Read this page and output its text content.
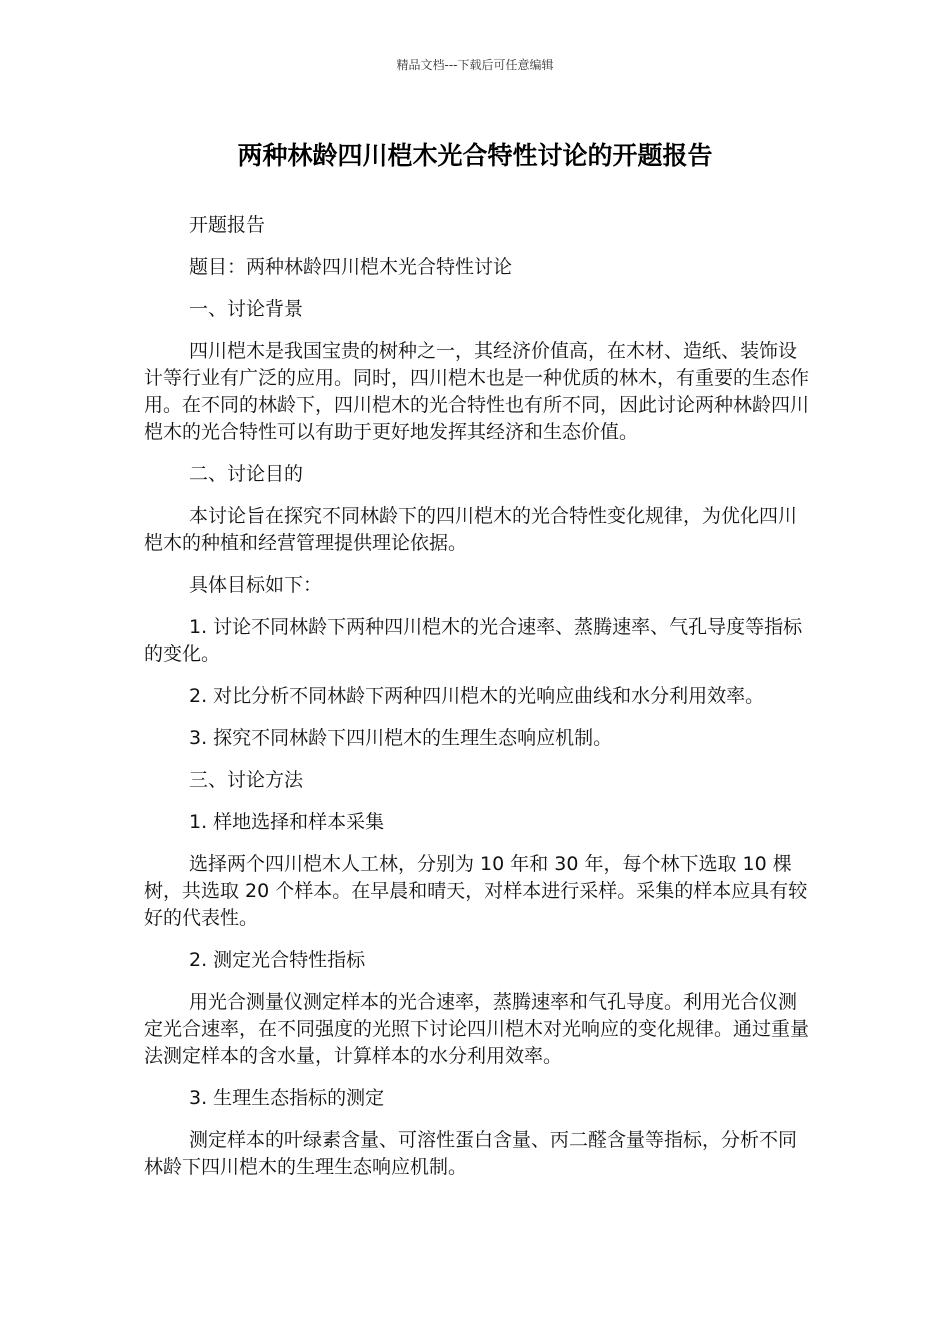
精品文档---下载后可任意编辑
两种林龄四川桤木光合特性讨论的开题报告

开题报告

题目：两种林龄四川桤木光合特性讨论

一、讨论背景

四川桤木是我国宝贵的树种之一，其经济价值高，在木材、造纸、装饰设计等行业有广泛的应用。同时，四川桤木也是一种优质的林木，有重要的生态作用。在不同的林龄下，四川桤木的光合特性也有所不同，因此讨论两种林龄四川桤木的光合特性可以有助于更好地发挥其经济和生态价值。

二、讨论目的

本讨论旨在探究不同林龄下的四川桤木的光合特性变化规律，为优化四川桤木的种植和经营管理提供理论依据。

具体目标如下：

1. 讨论不同林龄下两种四川桤木的光合速率、蒸腾速率、气孔导度等指标的变化。

2. 对比分析不同林龄下两种四川桤木的光响应曲线和水分利用效率。

3. 探究不同林龄下四川桤木的生理生态响应机制。

三、讨论方法

1. 样地选择和样本采集

选择两个四川桤木人工林，分别为 10 年和 30 年，每个林下选取 10 棵树，共选取 20 个样本。在早晨和晴天，对样本进行采样。采集的样本应具有较好的代表性。

2. 测定光合特性指标

用光合测量仪测定样本的光合速率，蒸腾速率和气孔导度。利用光合仪测定光合速率，在不同强度的光照下讨论四川桤木对光响应的变化规律。通过重量法测定样本的含水量，计算样本的水分利用效率。

3. 生理生态指标的测定

测定样本的叶绿素含量、可溶性蛋白含量、丙二醛含量等指标，分析不同林龄下四川桤木的生理生态响应机制。
